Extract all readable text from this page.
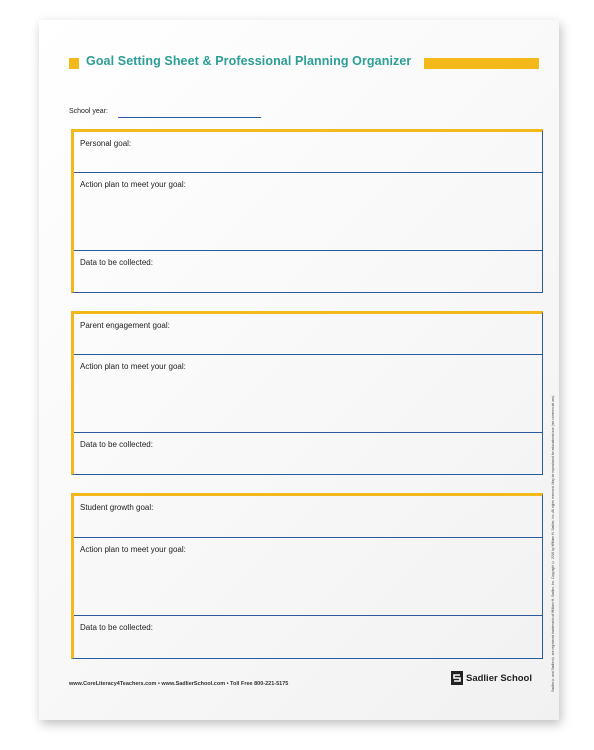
Goal Setting Sheet & Professional Planning Organizer
School year:
Personal goal:
Action plan to meet your goal:
Data to be collected:
Parent engagement goal:
Action plan to meet your goal:
Data to be collected:
Student growth goal:
Action plan to meet your goal:
Data to be collected:	Sadlier® and Sadlier® are registered trademarks of William H. Sadlier, Inc. Copyright © 2016 by William H. Sadlier, Inc. All rights reserved. May be reproduced for educational use (not commercial use).
www.CoreLiteracy4Teachers.com • www.SadlierSchool.com • Toll Free 800-221-5175
Sadlier School
